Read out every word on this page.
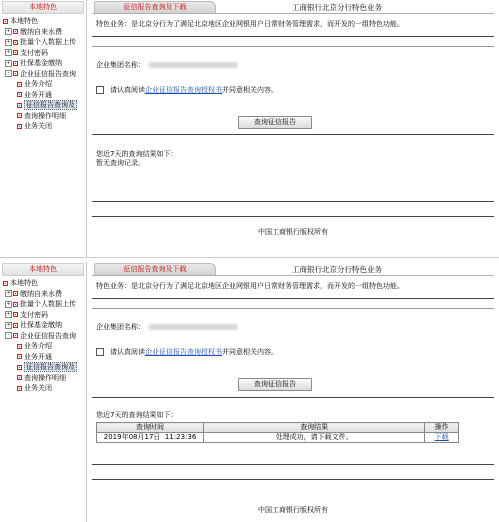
本地特色
本地特色
+ 缴纳自来水费
+ 批量个人数据上传
+ 支付密码
+ 社保基金缴纳
- 企业征信报告查询
业务介绍
业务开通
征信报告查询及
查询操作明细
业务关闭
征信报告查询及下载	工商银行北京分行特色业务
特色业务：是北京分行为了满足北京地区企业网银用户日常财务管理需求，而开发的一组特色功能。
企业集团名称：
请认真阅读企业征信报告查询授权书并同意相关内容。
查询征信报告
您近7天的查询结果如下：
暂无查询记录。
中国工商银行版权所有
本地特色
本地特色
+ 缴纳自来水费
+ 批量个人数据上传
+ 支付密码
+ 社保基金缴纳
- 企业征信报告查询
业务介绍
业务开通
征信报告查询及
查询操作明细
业务关闭
征信报告查询及下载	工商银行北京分行特色业务
特色业务：是北京分行为了满足北京地区企业网银用户日常财务管理需求，而开发的一组特色功能。
企业集团名称：
请认真阅读企业征信报告查询授权书并同意相关内容。
查询征信报告
您近7天的查询结果如下：
查询时间	查询结果	操作
2019年08月17日  11:23:36	处理成功，请下载文件。	下载
中国工商银行版权所有
